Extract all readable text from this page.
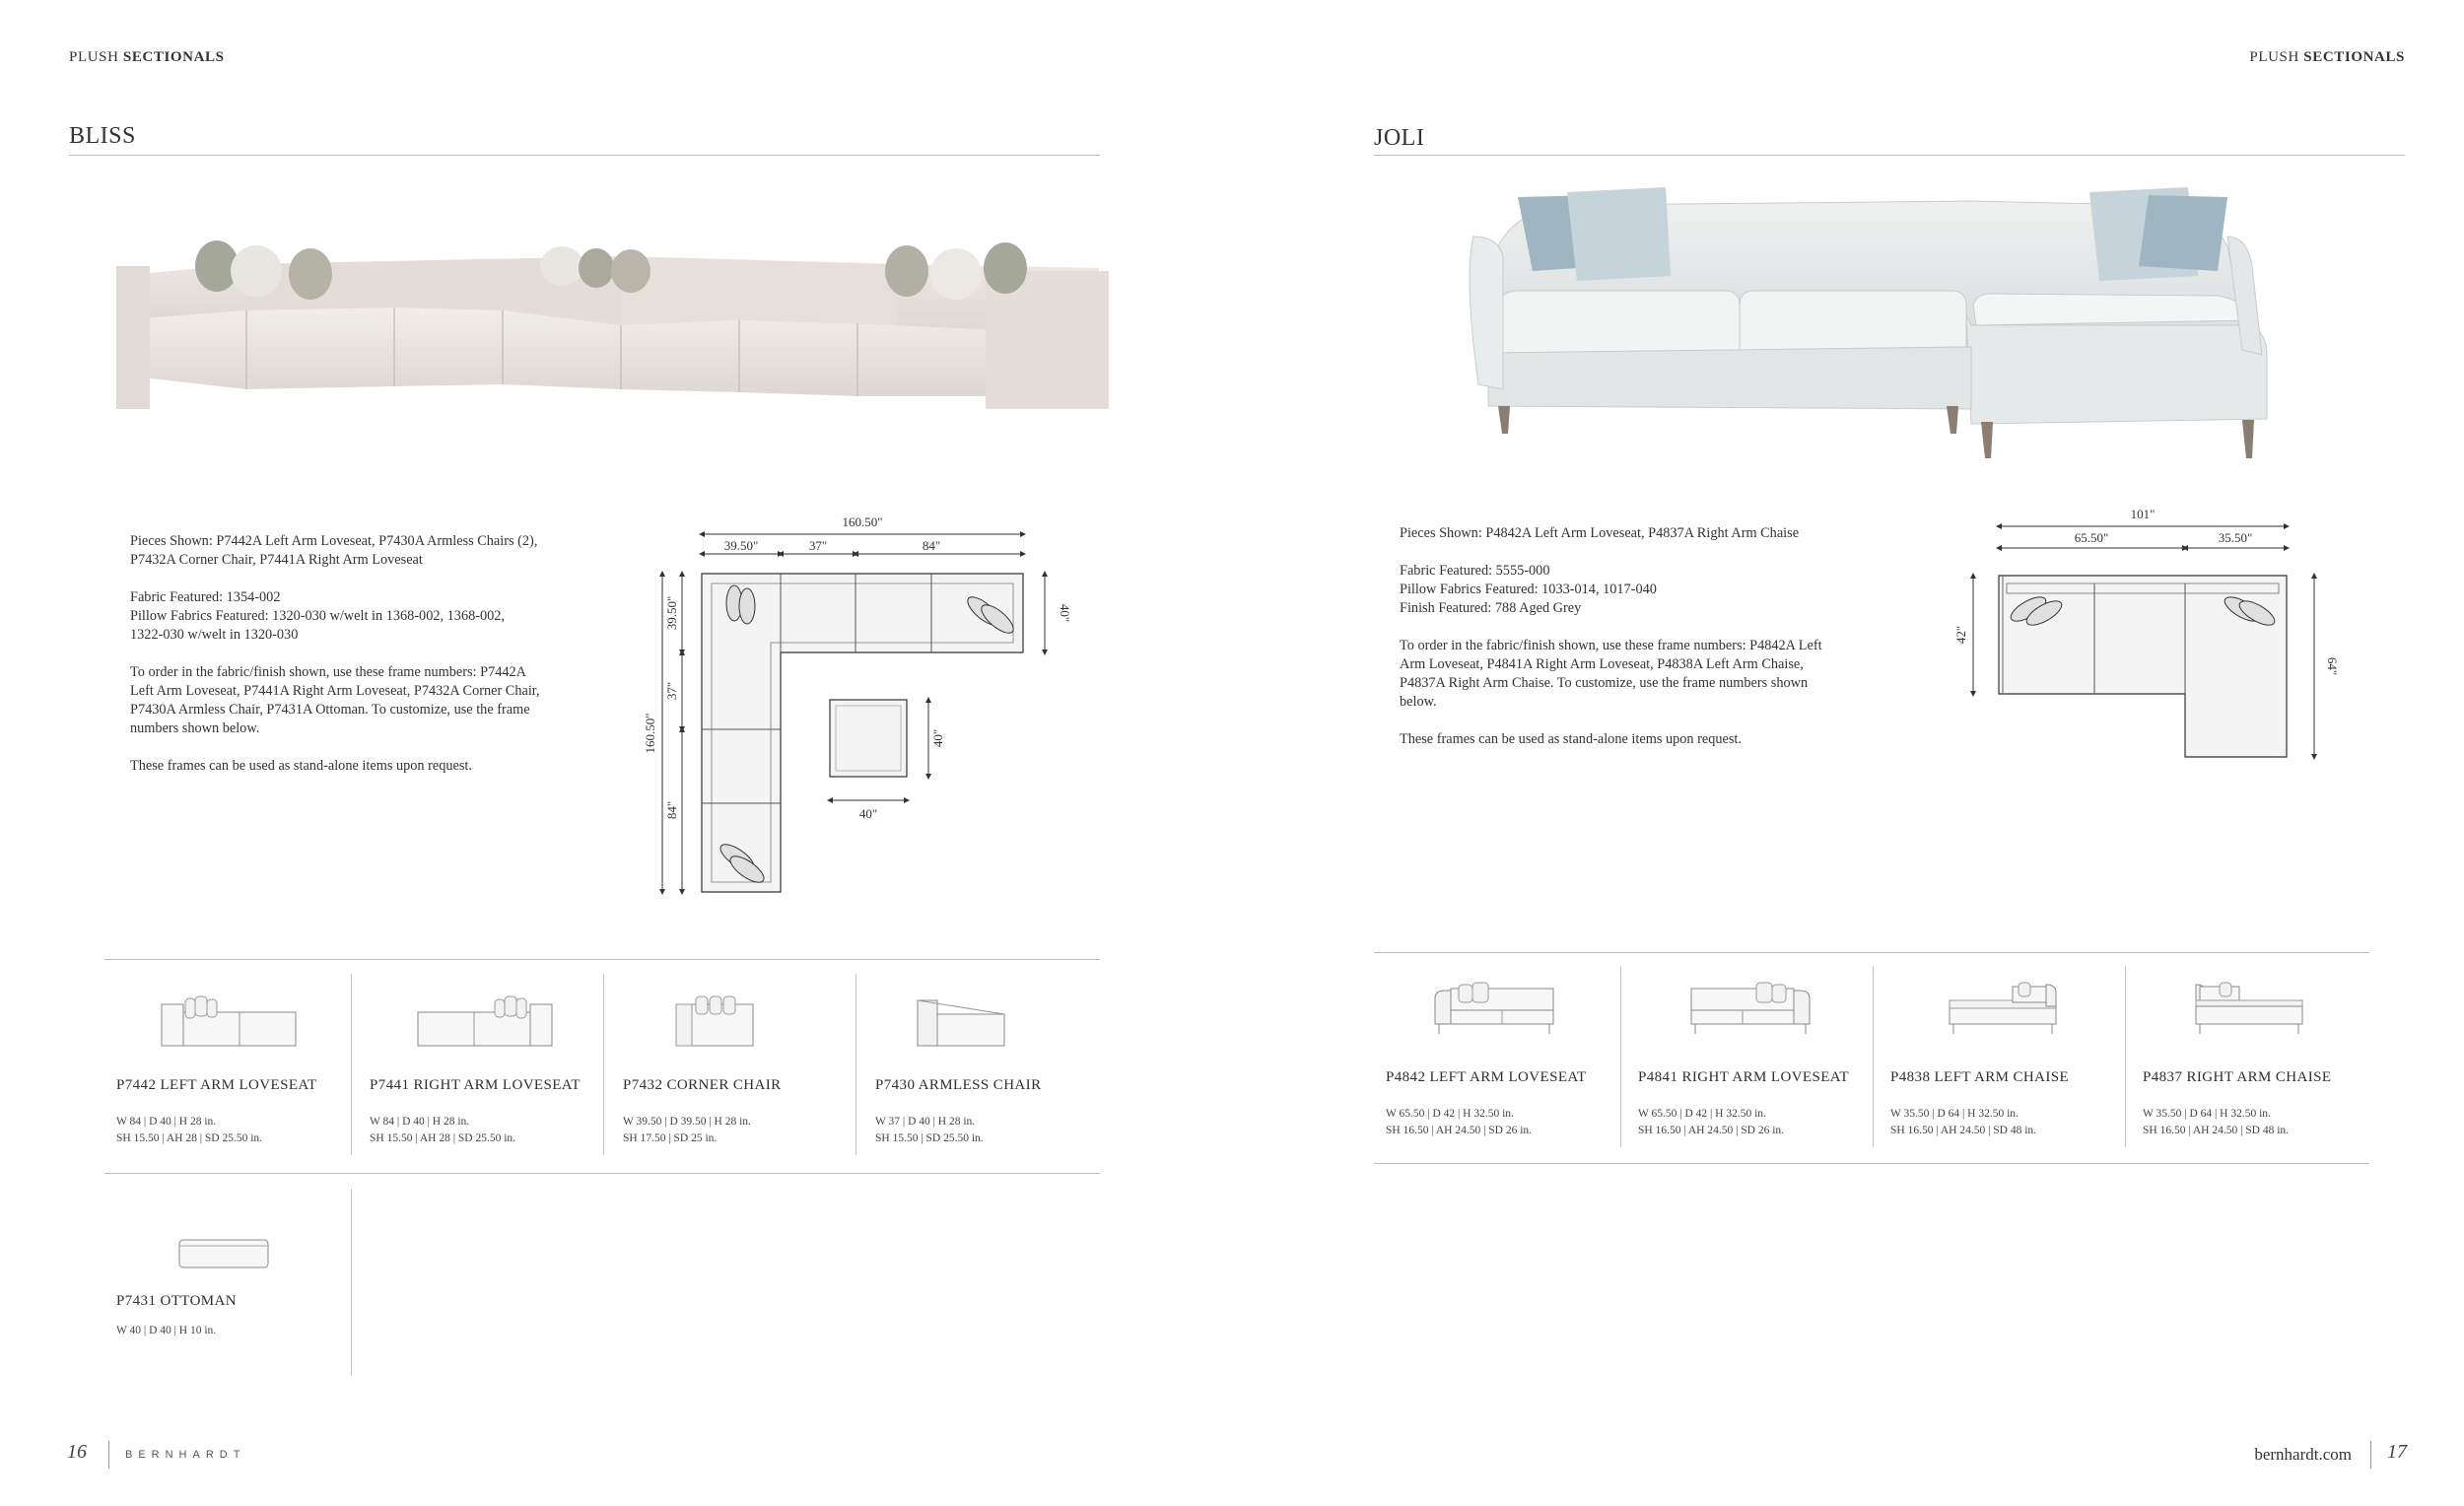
PLUSH SECTIONALS
BLISS

Pieces Shown: P7442A Left Arm Loveseat, P7430A Armless Chairs (2),
P7432A Corner Chair, P7441A Right Arm Loveseat

Fabric Featured: 1354-002
Pillow Fabrics Featured: 1320-030 w/welt in 1368-002, 1368-002,
1322-030 w/welt in 1320-030

To order in the fabric/finish shown, use these frame numbers: P7442A
Left Arm Loveseat, P7441A Right Arm Loveseat, P7432A Corner Chair,
P7430A Armless Chair, P7431A Ottoman. To customize, use the frame
numbers shown below.

These frames can be used as stand-alone items upon request.

160.50"
39.50"	37"	84"
40"
160.50"
39.50"
37"
84"
40"
40"
P7442 LEFT ARM LOVESEAT
W 84 | D 40 | H 28 in.
SH 15.50 | AH 28 | SD 25.50 in.
P7441 RIGHT ARM LOVESEAT
W 84 | D 40 | H 28 in.
SH 15.50 | AH 28 | SD 25.50 in.
P7432 CORNER CHAIR
W 39.50 | D 39.50 | H 28 in.
SH 17.50 | SD 25 in.
P7430 ARMLESS CHAIR
W 37 | D 40 | H 28 in.
SH 15.50 | SD 25.50 in.
P7431 OTTOMAN
W 40 | D 40 | H 10 in.
16	BERNHARDT
PLUSH SECTIONALS
JOLI

Pieces Shown: P4842A Left Arm Loveseat, P4837A Right Arm Chaise

Fabric Featured: 5555-000
Pillow Fabrics Featured: 1033-014, 1017-040
Finish Featured: 788 Aged Grey

To order in the fabric/finish shown, use these frame numbers: P4842A Left
Arm Loveseat, P4841A Right Arm Loveseat, P4838A Left Arm Chaise,
P4837A Right Arm Chaise. To customize, use the frame numbers shown
below.

These frames can be used as stand-alone items upon request.

101"
65.50"	35.50"
42"
64"
P4842 LEFT ARM LOVESEAT
W 65.50 | D 42 | H 32.50 in.
SH 16.50 | AH 24.50 | SD 26 in.
P4841 RIGHT ARM LOVESEAT
W 65.50 | D 42 | H 32.50 in.
SH 16.50 | AH 24.50 | SD 26 in.
P4838 LEFT ARM CHAISE
W 35.50 | D 64 | H 32.50 in.
SH 16.50 | AH 24.50 | SD 48 in.
P4837 RIGHT ARM CHAISE
W 35.50 | D 64 | H 32.50 in.
SH 16.50 | AH 24.50 | SD 48 in.
bernhardt.com 17
